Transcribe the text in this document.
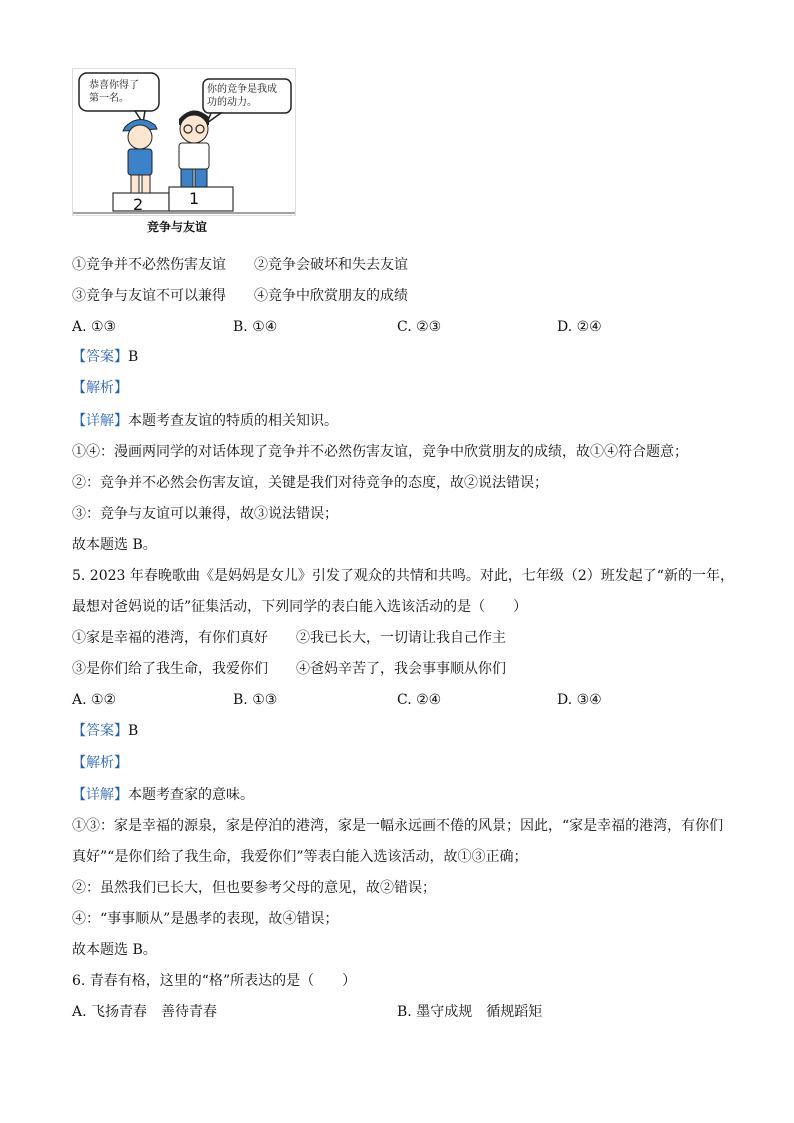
恭喜你得了
第一名。
你的竞争是我成
功的动力。
2	1
竞争与友谊
①竞争并不必然伤害友谊 ②竞争会破坏和失去友谊
③竞争与友谊不可以兼得 ④竞争中欣赏朋友的成绩
A. ①③	B. ①④	C. ②③	D. ②④
【答案】B
【解析】
【详解】本题考查友谊的特质的相关知识。
①④：漫画两同学的对话体现了竞争并不必然伤害友谊，竞争中欣赏朋友的成绩，故①④符合题意；
②：竞争并不必然会伤害友谊，关键是我们对待竞争的态度，故②说法错误；
③：竞争与友谊可以兼得，故③说法错误；
故本题选 B。
5. 2023 年春晚歌曲《是妈妈是女儿》引发了观众的共情和共鸣。对此，七年级（2）班发起了“新的一年，
最想对爸妈说的话”征集活动，下列同学的表白能入选该活动的是（　　）
①家是幸福的港湾，有你们真好 ②我已长大，一切请让我自己作主
③是你们给了我生命，我爱你们 ④爸妈辛苦了，我会事事顺从你们
A. ①②	B. ①③	C. ②④	D. ③④
【答案】B
【解析】
【详解】本题考查家的意味。
①③：家是幸福的源泉，家是停泊的港湾，家是一幅永远画不倦的风景；因此，“家是幸福的港湾，有你们
真好”“是你们给了我生命，我爱你们”等表白能入选该活动，故①③正确；
②：虽然我们已长大，但也要参考父母的意见，故②错误；
④：“事事顺从”是愚孝的表现，故④错误；
故本题选 B。
6. 青春有格，这里的“格”所表达的是（　　）
A. 飞扬青春　善待青春	B. 墨守成规　循规蹈矩
